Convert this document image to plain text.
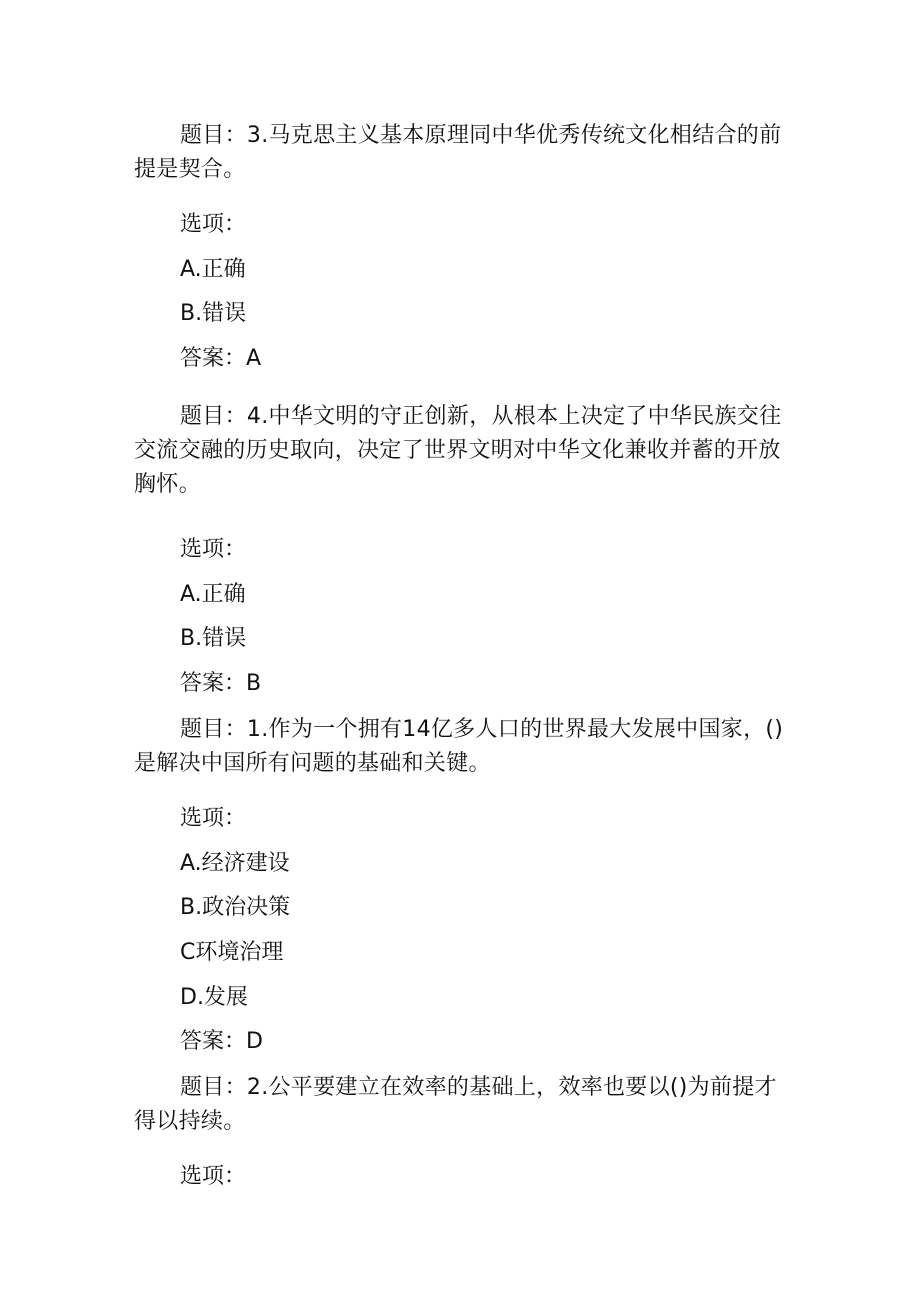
题目：3.马克思主义基本原理同中华优秀传统文化相结合的前提是契合。

选项：

A.正确

B.错误

答案：A

题目：4.中华文明的守正创新，从根本上决定了中华民族交往交流交融的历史取向，决定了世界文明对中华文化兼收并蓄的开放胸怀。

选项：

A.正确

B.错误

答案：B

题目：1.作为一个拥有14亿多人口的世界最大发展中国家，()是解决中国所有问题的基础和关键。

选项：

A.经济建设

B.政治决策

C环境治理

D.发展

答案：D

题目：2.公平要建立在效率的基础上，效率也要以()为前提才得以持续。

选项：
